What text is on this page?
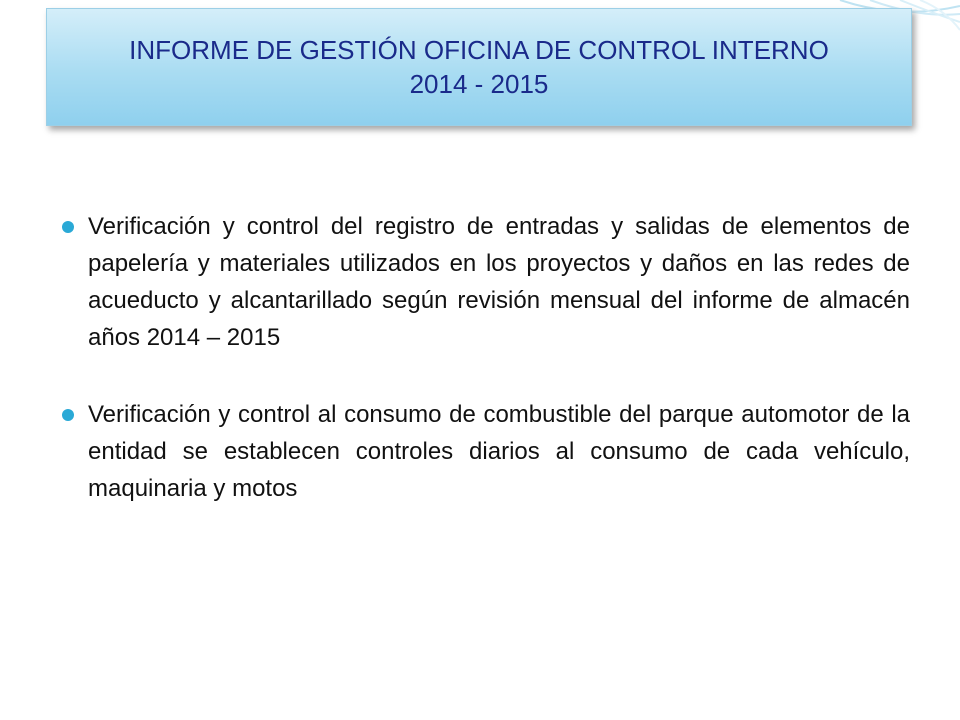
INFORME DE GESTIÓN OFICINA DE CONTROL INTERNO
2014 - 2015

Verificación y control del registro de entradas y salidas de elementos de papelería y materiales utilizados en los proyectos y daños en las redes de acueducto y alcantarillado según revisión mensual del informe de almacén años 2014 – 2015

Verificación y control al consumo de combustible del parque automotor de la entidad se establecen controles diarios al consumo de cada vehículo, maquinaria y motos
